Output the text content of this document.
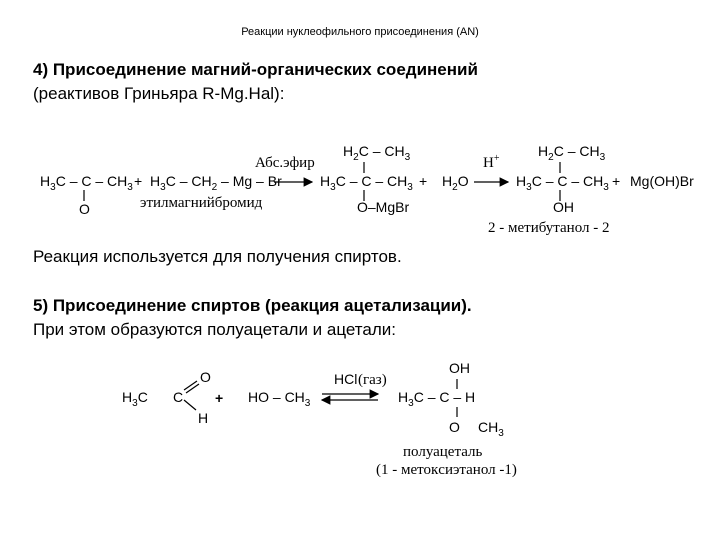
Реакции нуклеофильного присоединения (AN)
4) Присоединение магний-органических соединений
(реактивов Гриньяра R-Mg.Hal):
$H_3C$ – C – $CH_3$
O
+ $H_3C - CH_2$ – Mg – Br
этилмагнийбромид
Абс.эфир
$H_2C - CH_3$
$H_3C$ – C – $CH_3$
O–MgBr
+ $H_2O$
H+	$H_2C - CH_3$
$H_3C$ – C – $CH_3$
OH
+ Mg(OH)Br
2 - метибутанол - 2
$H_3C$ C
O
H
+ HO – $CH_3$
HCl (газ)
OH
$H_3C$ – C – H
O $CH_3$
полуацеталь
(1 - метокcиэтанол -1)
Реакция используется для получения спиртов.
5) Присоединение спиртов (реакция ацетализации).
При этом образуются полуацетали и ацетали:
